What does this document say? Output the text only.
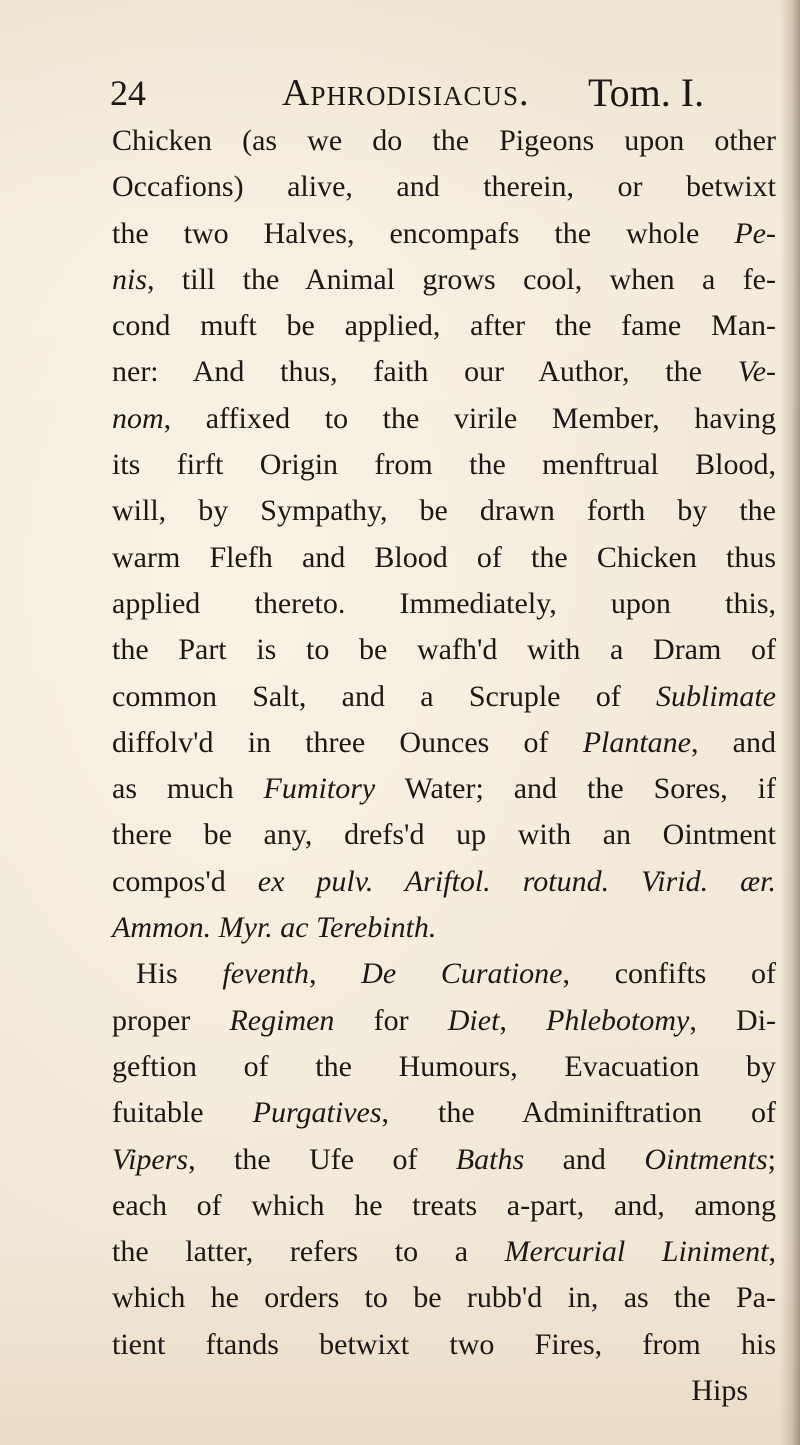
24	Aphrodisiacus. Tom. I.
Chicken (as we do the Pigeons upon other
Occafions) alive, and therein, or betwixt
the two Halves, encompafs the whole Pe-
nis, till the Animal grows cool, when a fe-
cond muft be applied, after the fame Man-
ner: And thus, faith our Author, the Ve-
nom, affixed to the virile Member, having
its firft Origin from the menftrual Blood,
will, by Sympathy, be drawn forth by the
warm Flefh and Blood of the Chicken thus
applied thereto. Immediately, upon this,
the Part is to be wafh'd with a Dram of
common Salt, and a Scruple of Sublimate
diffolv'd in three Ounces of Plantane, and
as much Fumitory Water; and the Sores, if
there be any, drefs'd up with an Ointment
compos'd ex pulv. Ariftol. rotund. Virid. ær.
Ammon. Myr. ac Terebinth.
His feventh, De Curatione, confifts of
proper Regimen for Diet, Phlebotomy, Di-
geftion of the Humours, Evacuation by
fuitable Purgatives, the Adminiftration of
Vipers, the Ufe of Baths and Ointments;
each of which he treats a-part, and, among
the latter, refers to a Mercurial Liniment,
which he orders to be rubb'd in, as the Pa-
tient ftands betwixt two Fires, from his
Hips
